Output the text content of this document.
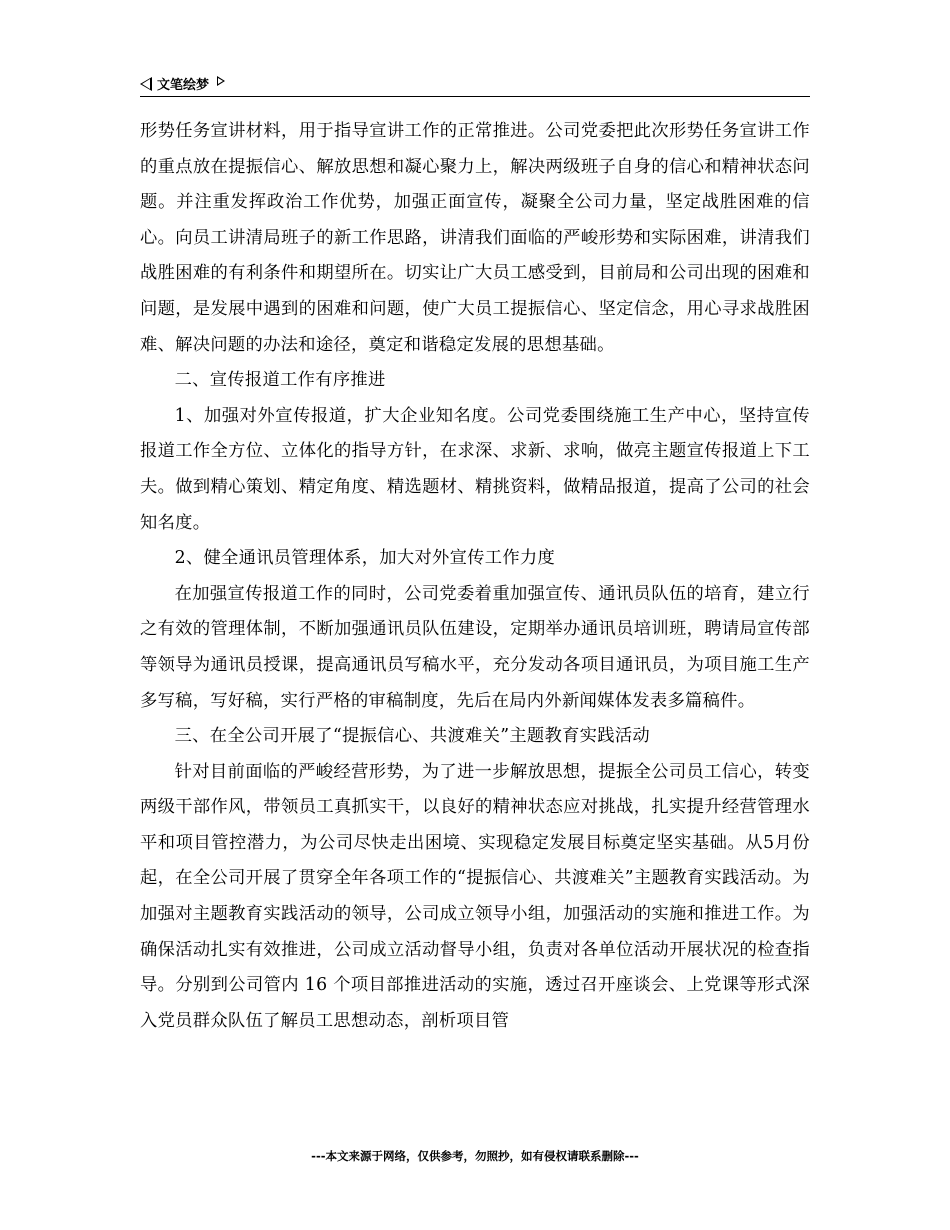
文笔绘梦

形势任务宣讲材料，用于指导宣讲工作的正常推进。公司党委把此次形势任务宣讲工作的重点放在提振信心、解放思想和凝心聚力上，解决两级班子自身的信心和精神状态问题。并注重发挥政治工作优势，加强正面宣传，凝聚全公司力量，坚定战胜困难的信心。向员工讲清局班子的新工作思路，讲清我们面临的严峻形势和实际困难，讲清我们战胜困难的有利条件和期望所在。切实让广大员工感受到，目前局和公司出现的困难和问题，是发展中遇到的困难和问题，使广大员工提振信心、坚定信念，用心寻求战胜困难、解决问题的办法和途径，奠定和谐稳定发展的思想基础。

二、宣传报道工作有序推进

1、加强对外宣传报道，扩大企业知名度。公司党委围绕施工生产中心，坚持宣传报道工作全方位、立体化的指导方针，在求深、求新、求响，做亮主题宣传报道上下工夫。做到精心策划、精定角度、精选题材、精挑资料，做精品报道，提高了公司的社会知名度。

2、健全通讯员管理体系，加大对外宣传工作力度

在加强宣传报道工作的同时，公司党委着重加强宣传、通讯员队伍的培育，建立行之有效的管理体制，不断加强通讯员队伍建设，定期举办通讯员培训班，聘请局宣传部等领导为通讯员授课，提高通讯员写稿水平，充分发动各项目通讯员，为项目施工生产多写稿，写好稿，实行严格的审稿制度，先后在局内外新闻媒体发表多篇稿件。

三、在全公司开展了“提振信心、共渡难关”主题教育实践活动

针对目前面临的严峻经营形势，为了进一步解放思想，提振全公司员工信心，转变两级干部作风，带领员工真抓实干，以良好的精神状态应对挑战，扎实提升经营管理水平和项目管控潜力，为公司尽快走出困境、实现稳定发展目标奠定坚实基础。从5月份起，在全公司开展了贯穿全年各项工作的“提振信心、共渡难关”主题教育实践活动。为加强对主题教育实践活动的领导，公司成立领导小组，加强活动的实施和推进工作。为确保活动扎实有效推进，公司成立活动督导小组，负责对各单位活动开展状况的检查指导。分别到公司管内 16 个项目部推进活动的实施，透过召开座谈会、上党课等形式深入党员群众队伍了解员工思想动态，剖析项目管

---本文来源于网络，仅供参考，勿照抄，如有侵权请联系删除---
